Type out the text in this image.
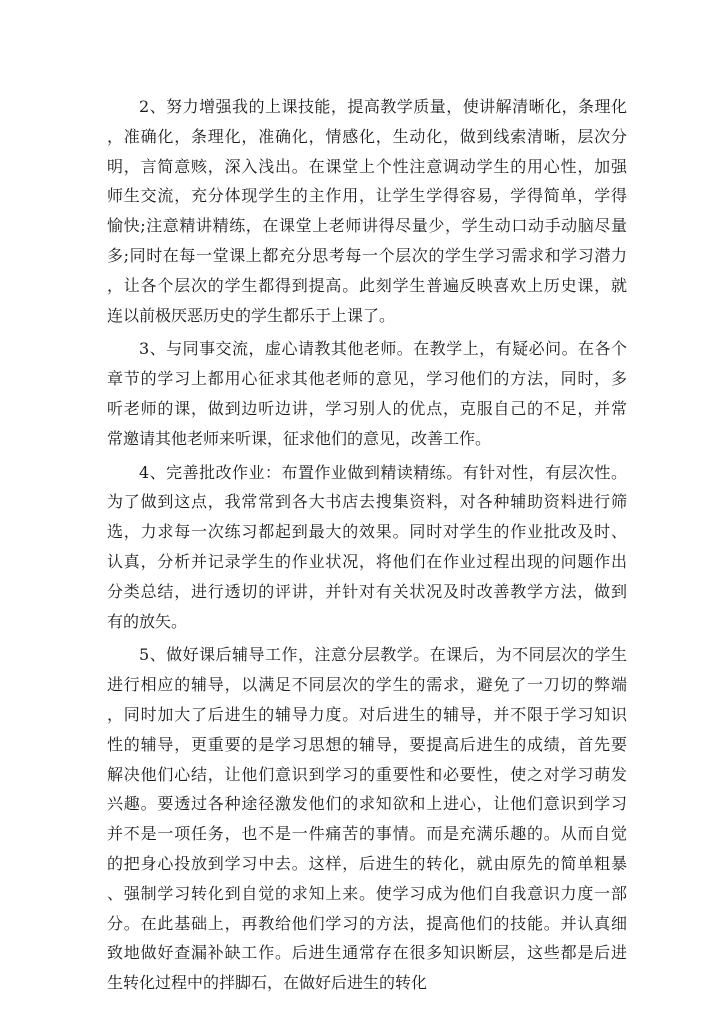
2、努力增强我的上课技能，提高教学质量，使讲解清晰化，条理化
，准确化，条理化，准确化，情感化，生动化，做到线索清晰，层次分
明，言简意赅，深入浅出。在课堂上个性注意调动学生的用心性，加强
师生交流，充分体现学生的主作用，让学生学得容易，学得简单，学得
愉快;注意精讲精练，在课堂上老师讲得尽量少，学生动口动手动脑尽量
多;同时在每一堂课上都充分思考每一个层次的学生学习需求和学习潜力
，让各个层次的学生都得到提高。此刻学生普遍反映喜欢上历史课，就
连以前极厌恶历史的学生都乐于上课了。
3、与同事交流，虚心请教其他老师。在教学上，有疑必问。在各个
章节的学习上都用心征求其他老师的意见，学习他们的方法，同时，多
听老师的课，做到边听边讲，学习别人的优点，克服自己的不足，并常
常邀请其他老师来听课，征求他们的意见，改善工作。
4、完善批改作业：布置作业做到精读精练。有针对性，有层次性。
为了做到这点，我常常到各大书店去搜集资料，对各种辅助资料进行筛
选，力求每一次练习都起到最大的效果。同时对学生的作业批改及时、
认真，分析并记录学生的作业状况，将他们在作业过程出现的问题作出
分类总结，进行透切的评讲，并针对有关状况及时改善教学方法，做到
有的放矢。
5、做好课后辅导工作，注意分层教学。在课后，为不同层次的学生
进行相应的辅导，以满足不同层次的学生的需求，避免了一刀切的弊端
，同时加大了后进生的辅导力度。对后进生的辅导，并不限于学习知识
性的辅导，更重要的是学习思想的辅导，要提高后进生的成绩，首先要
解决他们心结，让他们意识到学习的重要性和必要性，使之对学习萌发
兴趣。要透过各种途径激发他们的求知欲和上进心，让他们意识到学习
并不是一项任务，也不是一件痛苦的事情。而是充满乐趣的。从而自觉
的把身心投放到学习中去。这样，后进生的转化，就由原先的简单粗暴
、强制学习转化到自觉的求知上来。使学习成为他们自我意识力度一部
分。在此基础上，再教给他们学习的方法，提高他们的技能。并认真细
致地做好查漏补缺工作。后进生通常存在很多知识断层，这些都是后进
生转化过程中的拌脚石，在做好后进生的转化
